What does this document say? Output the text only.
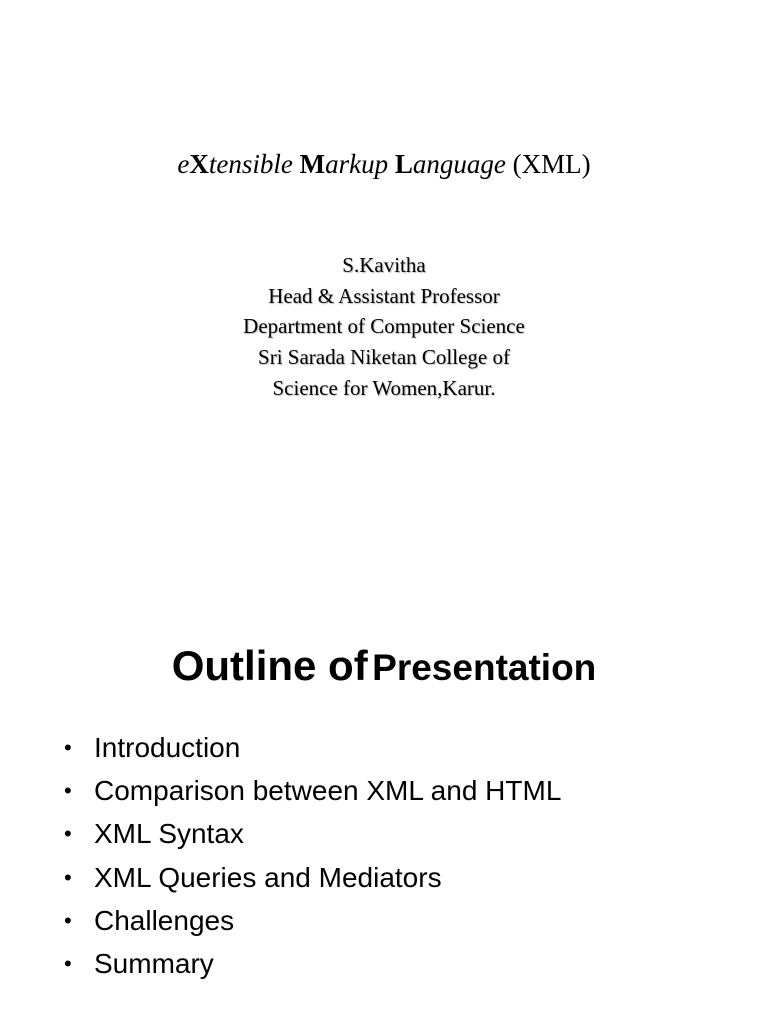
eXtensible Markup Language (XML)
S.Kavitha
Head & Assistant Professor
Department of Computer Science
Sri Sarada Niketan College of
Science for Women,Karur.
Outline of Presentation
• Introduction
• Comparison between XML and HTML
• XML Syntax
• XML Queries and Mediators
• Challenges
• Summary
